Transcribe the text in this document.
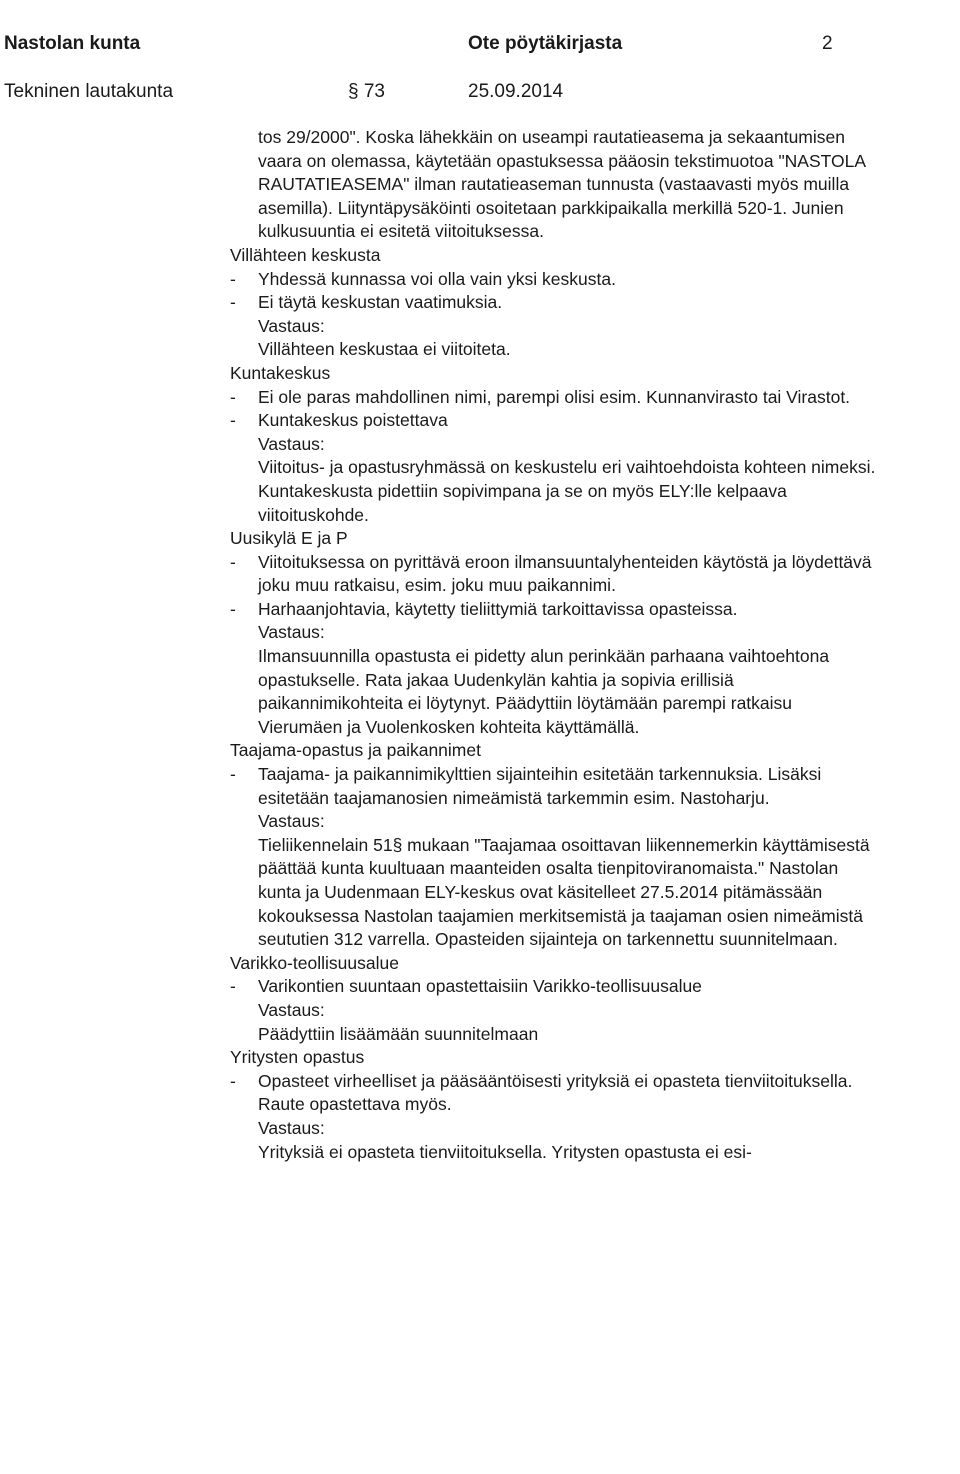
Nastolan kunta	Ote pöytäkirjasta	2
Tekninen lautakunta	§ 73	25.09.2014
tos 29/2000". Koska lähekkäin on useampi rautatieasema ja sekaantumisen vaara on olemassa, käytetään opastuksessa pääosin tekstimuotoa "NASTOLA RAUTATIEASEMA" ilman rautatieaseman tunnusta (vastaavasti myös muilla asemilla). Liityntäpysäköinti osoitetaan parkkipaikalla merkillä 520-1. Junien kulkusuuntia ei esitetä viitoituksessa.
Villähteen keskusta
- Yhdessä kunnassa voi olla vain yksi keskusta.
- Ei täytä keskustan vaatimuksia.
Vastaus:
Villähteen keskustaa ei viitoiteta.
Kuntakeskus
- Ei ole paras mahdollinen nimi, parempi olisi esim. Kunnanvirasto tai Virastot.
- Kuntakeskus poistettava
Vastaus:
Viitoitus- ja opastusryhmässä on keskustelu eri vaihtoehdoista kohteen nimeksi. Kuntakeskusta pidettiin sopivimpana ja se on myös ELY:lle kelpaava viitoituskohde.
Uusikylä E ja P
- Viitoituksessa on pyrittävä eroon ilmansuuntalyhenteiden käytöstä ja löydettävä joku muu ratkaisu, esim. joku muu paikannimi.
- Harhaanjohtavia, käytetty tieliittymiä tarkoittavissa opasteissa.
Vastaus:
Ilmansuunnilla opastusta ei pidetty alun perinkään parhaana vaihtoehtona opastukselle. Rata jakaa Uudenkylän kahtia ja sopivia erillisiä paikannimikohteita ei löytynyt. Päädyttiin löytämään parempi ratkaisu Vierumäen ja Vuolenkosken kohteita käyttämällä.
Taajama-opastus ja paikannimet
- Taajama- ja paikannimikylttien sijainteihin esitetään tarkennuksia. Lisäksi esitetään taajamanosien nimeämistä tarkemmin esim. Nastoharju.
Vastaus:
Tieliikennelain 51§ mukaan "Taajamaa osoittavan liikennemerkin käyttämisestä päättää kunta kuultuaan maanteiden osalta tienpitoviranomaista." Nastolan kunta ja Uudenmaan ELY-keskus ovat käsitelleet 27.5.2014 pitämässään kokouksessa Nastolan taajamien merkitsemistä ja taajaman osien nimeämistä seututien 312 varrella. Opasteiden sijainteja on tarkennettu suunnitelmaan.
Varikko-teollisuusalue
- Varikontien suuntaan opastettaisiin Varikko-teollisuusalue
Vastaus:
Päädyttiin lisäämään suunnitelmaan
Yritysten opastus
- Opasteet virheelliset ja pääsääntöisesti yrityksiä ei opasteta tienviitoituksella. Raute opastettava myös.
Vastaus:
Yrityksiä ei opasteta tienviitoituksella. Yritysten opastusta ei esi-
